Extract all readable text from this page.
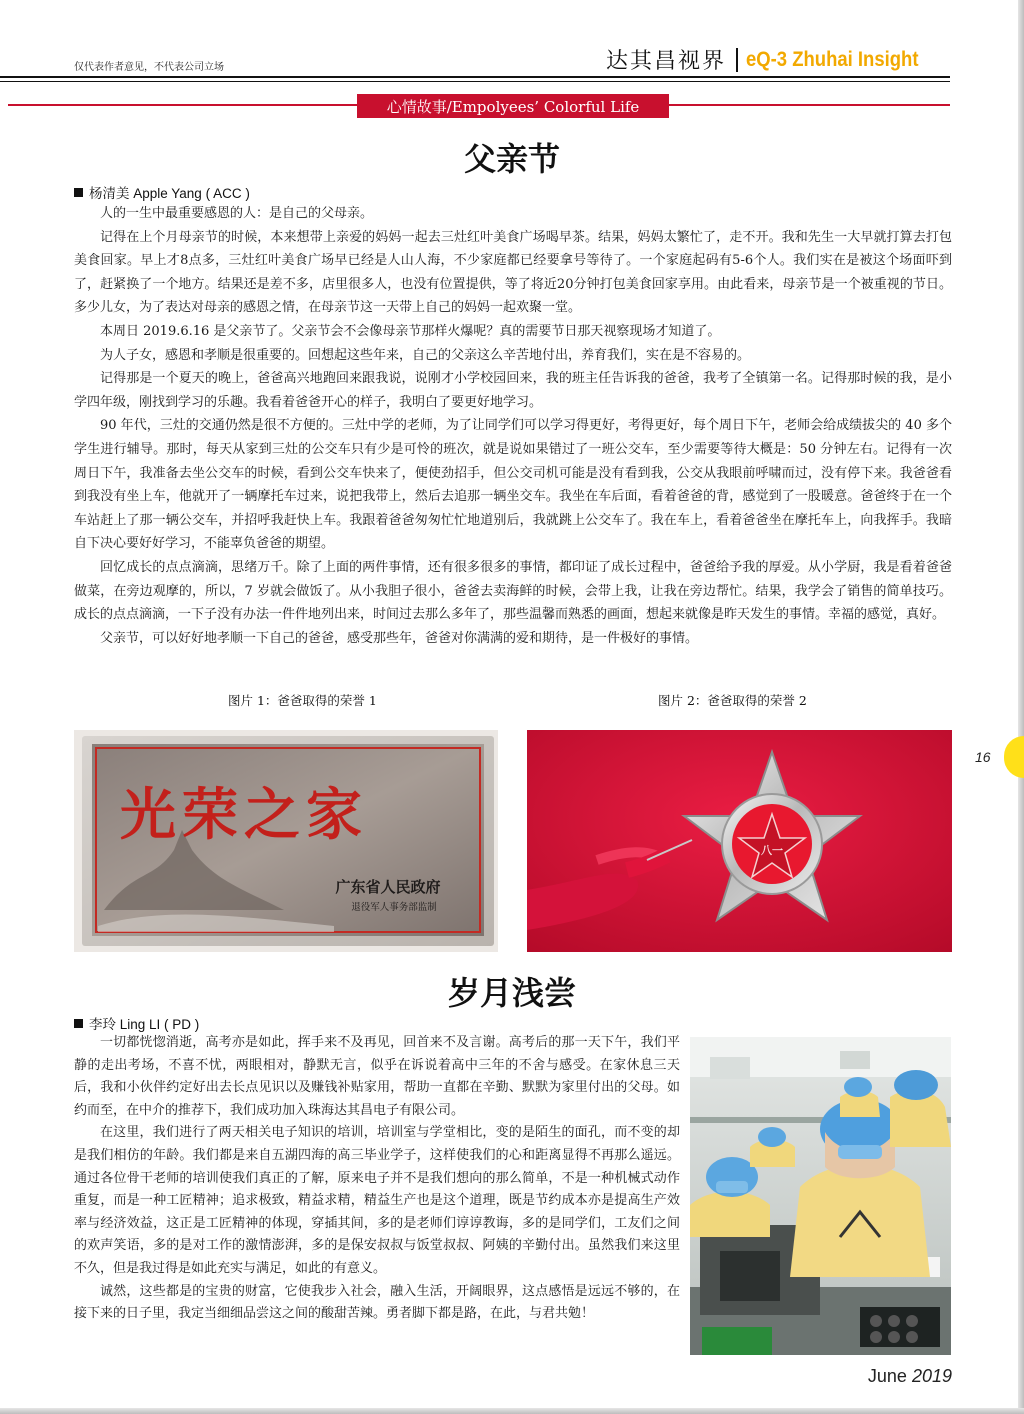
仅代表作者意见，不代表公司立场	达其昌视界 eQ-3 Zhuhai Insight
心情故事/Empolyees’ Colorful Life
父亲节
杨清美 Apple Yang ( ACC )

人的一生中最重要感恩的人：是自己的父母亲。

记得在上个月母亲节的时候，本来想带上亲爱的妈妈一起去三灶红叶美食广场喝早茶。结果，妈妈太繁忙了，走不开。我和先生一大早就打算去打包美食回家。早上才8点多，三灶红叶美食广场早已经是人山人海，不少家庭都已经要拿号等待了。一个家庭起码有5-6个人。我们实在是被这个场面吓到了，赶紧换了一个地方。结果还是差不多，店里很多人，也没有位置提供，等了将近20分钟打包美食回家享用。由此看来，母亲节是一个被重视的节日。多少儿女，为了表达对母亲的感恩之情，在母亲节这一天带上自己的妈妈一起欢聚一堂。

本周日 2019.6.16 是父亲节了。父亲节会不会像母亲节那样火爆呢？真的需要节日那天视察现场才知道了。

为人子女，感恩和孝顺是很重要的。回想起这些年来，自己的父亲这么辛苦地付出，养育我们，实在是不容易的。

记得那是一个夏天的晚上，爸爸高兴地跑回来跟我说，说刚才小学校园回来，我的班主任告诉我的爸爸，我考了全镇第一名。记得那时候的我，是小学四年级，刚找到学习的乐趣。我看着爸爸开心的样子，我明白了要更好地学习。

90 年代，三灶的交通仍然是很不方便的。三灶中学的老师，为了让同学们可以学习得更好，考得更好，每个周日下午，老师会给成绩拔尖的 40 多个学生进行辅导。那时，每天从家到三灶的公交车只有少是可怜的班次，就是说如果错过了一班公交车，至少需要等待大概是：50 分钟左右。记得有一次周日下午，我准备去坐公交车的时候，看到公交车快来了，便使劲招手，但公交司机可能是没有看到我，公交从我眼前呼啸而过，没有停下来。我爸爸看到我没有坐上车，他就开了一辆摩托车过来，说把我带上，然后去追那一辆坐交车。我坐在车后面，看着爸爸的背，感觉到了一股暖意。爸爸终于在一个车站赶上了那一辆公交车，并招呼我赶快上车。我跟着爸爸匆匆忙忙地道别后，我就跳上公交车了。我在车上，看着爸爸坐在摩托车上，向我挥手。我暗自下决心要好好学习，不能辜负爸爸的期望。

回忆成长的点点滴滴，思绪万千。除了上面的两件事情，还有很多很多的事情，都印证了成长过程中，爸爸给予我的厚爱。从小学厨，我是看着爸爸做菜，在旁边观摩的，所以，7 岁就会做饭了。从小我胆子很小，爸爸去卖海鲜的时候，会带上我，让我在旁边帮忙。结果，我学会了销售的简单技巧。成长的点点滴滴，一下子没有办法一件件地列出来，时间过去那么多年了，那些温馨而熟悉的画面，想起来就像是昨天发生的事情。幸福的感觉，真好。

父亲节，可以好好地孝顺一下自己的爸爸，感受那些年，爸爸对你满满的爱和期待，是一件极好的事情。

图片 1：爸爸取得的荣誉 1	图片 2：爸爸取得的荣誉 2
光荣之家
广东省人民政府
退役军人事务部监制
八一
16
岁月浅尝
李玲 Ling LI ( PD )

一切都恍惚消逝，高考亦是如此，挥手来不及再见，回首来不及言谢。高考后的那一天下午，我们平静的走出考场，不喜不忧，两眼相对，静默无言，似乎在诉说着高中三年的不舍与感受。在家休息三天后，我和小伙伴约定好出去长点见识以及赚钱补贴家用，帮助一直都在辛勤、默默为家里付出的父母。如约而至，在中介的推荐下，我们成功加入珠海达其昌电子有限公司。

在这里，我们进行了两天相关电子知识的培训，培训室与学堂相比，变的是陌生的面孔，而不变的却是我们相仿的年龄。我们都是来自五湖四海的高三毕业学子，这样使我们的心和距离显得不再那么遥远。通过各位骨干老师的培训使我们真正的了解，原来电子并不是我们想向的那么简单，不是一种机械式动作重复，而是一种工匠精神；追求极致，精益求精，精益生产也是这个道理，既是节约成本亦是提高生产效率与经济效益，这正是工匠精神的体现，穿插其间，多的是老师们谆谆教诲，多的是同学们，工友们之间的欢声笑语，多的是对工作的激情澎湃，多的是保安叔叔与饭堂叔叔、阿姨的辛勤付出。虽然我们来这里不久，但是我过得是如此充实与满足，如此的有意义。

诚然，这些都是的宝贵的财富，它使我步入社会，融入生活，开阔眼界，这点感悟是远远不够的，在接下来的日子里，我定当细细品尝这之间的酸甜苦辣。勇者脚下都是路，在此，与君共勉！

June 2019
